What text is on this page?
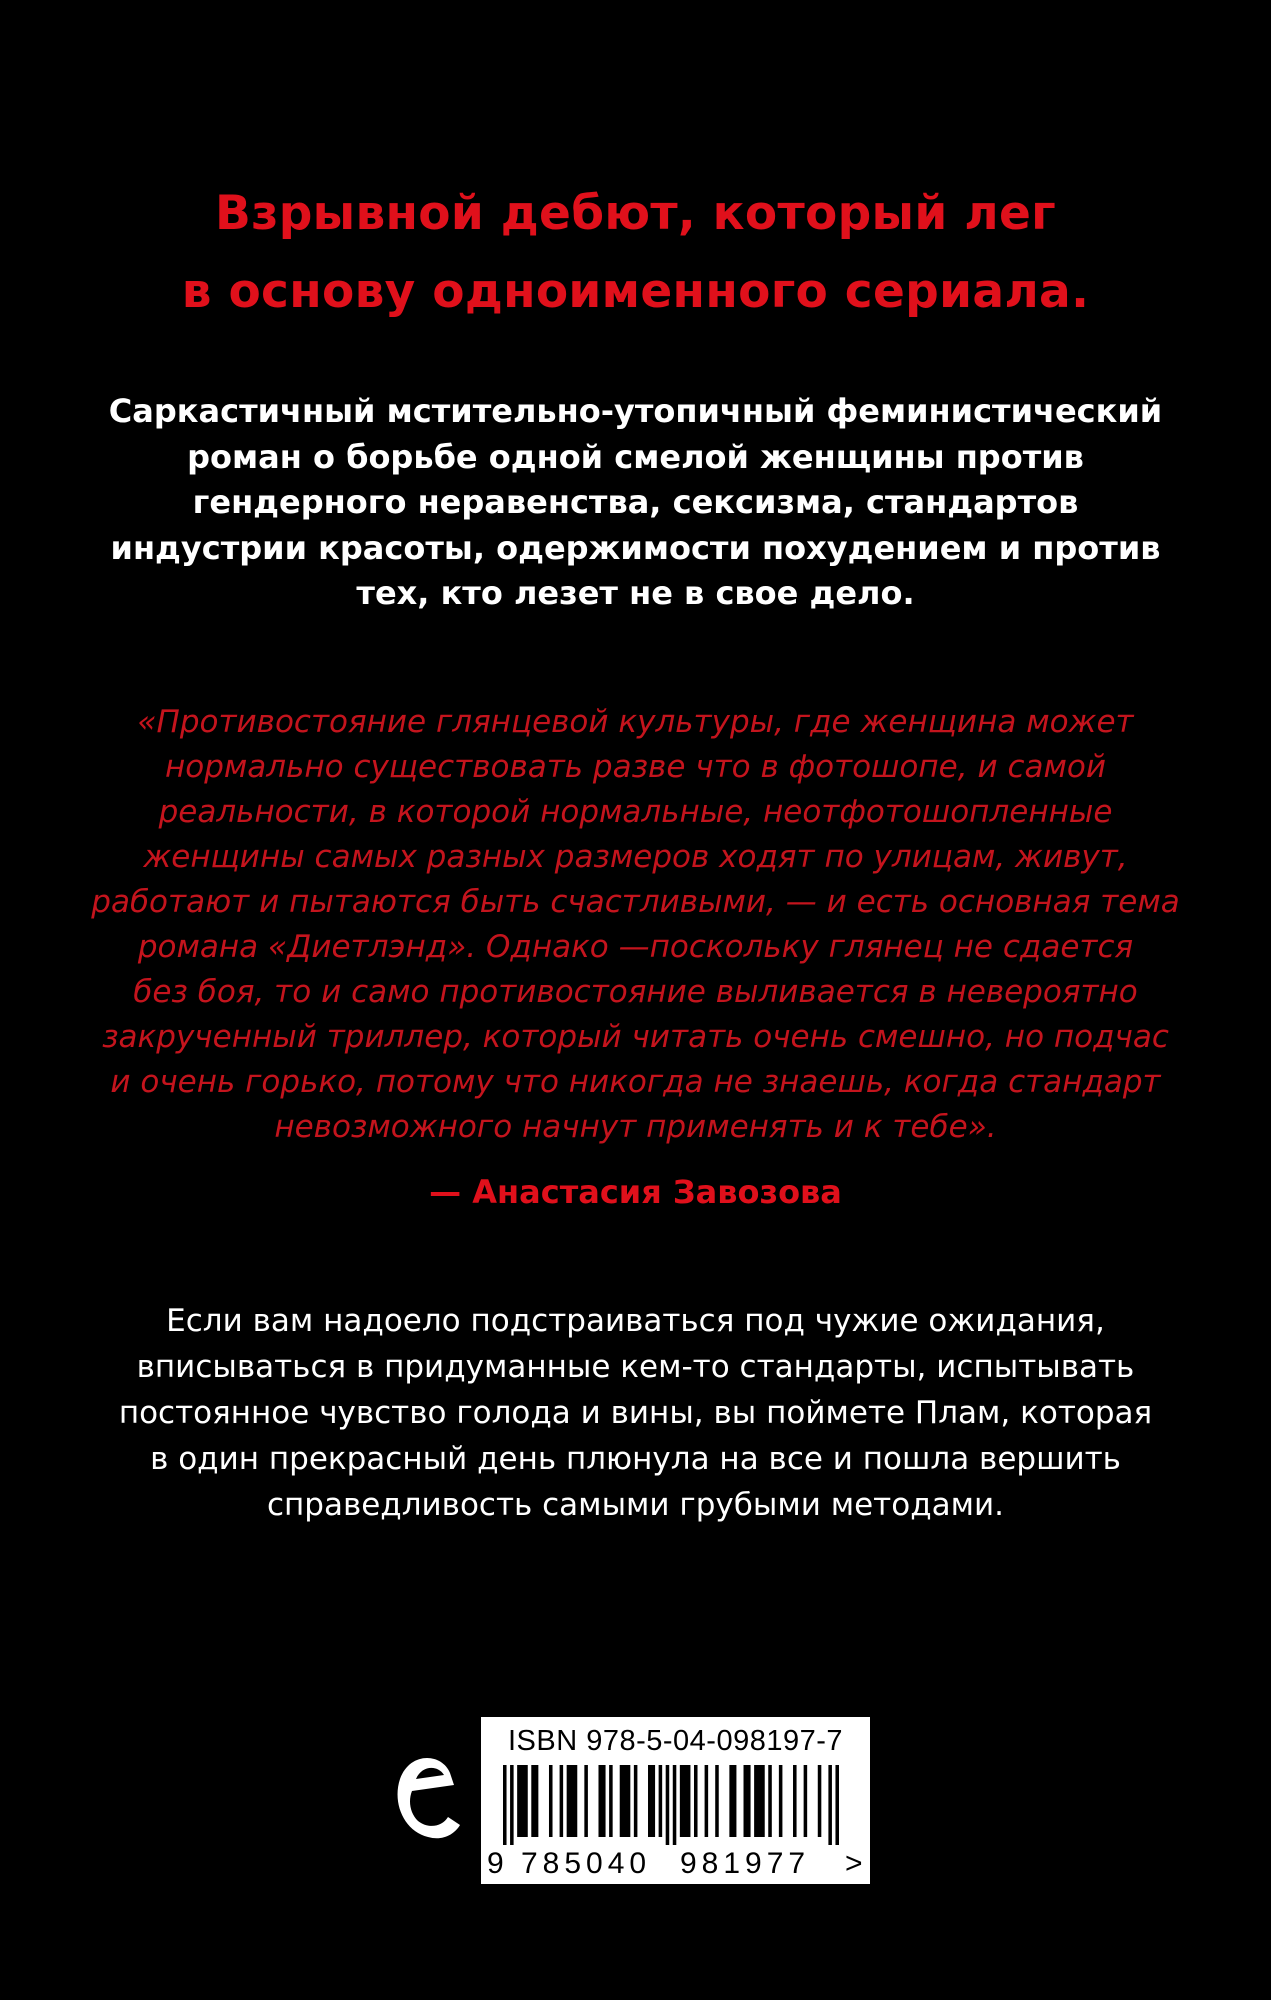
Взрывной дебют, который лег
в основу одноименного сериала.

Саркастичный мстительно-утопичный феминистический
роман о борьбе одной смелой женщины против
гендерного неравенства, сексизма, стандартов
индустрии красоты, одержимости похудением и против
тех, кто лезет не в свое дело.

«Противостояние глянцевой культуры, где женщина может
нормально существовать разве что в фотошопе, и самой
реальности, в которой нормальные, неотфотошопленные
женщины самых разных размеров ходят по улицам, живут,
работают и пытаются быть счастливыми, — и есть основная тема
романа «Диетлэнд». Однако —поскольку глянец не сдается
без боя, то и само противостояние выливается в невероятно
закрученный триллер, который читать очень смешно, но подчас
и очень горько, потому что никогда не знаешь, когда стандарт
невозможного начнут применять и к тебе».

— Анастасия Завозова

Если вам надоело подстраиваться под чужие ожидания,
вписываться в придуманные кем-то стандарты, испытывать
постоянное чувство голода и вины, вы поймете Плам, которая
в один прекрасный день плюнула на все и пошла вершить
справедливость самыми грубыми методами.

ISBN 978-5-04-098197-7
9 785040 981977 >
